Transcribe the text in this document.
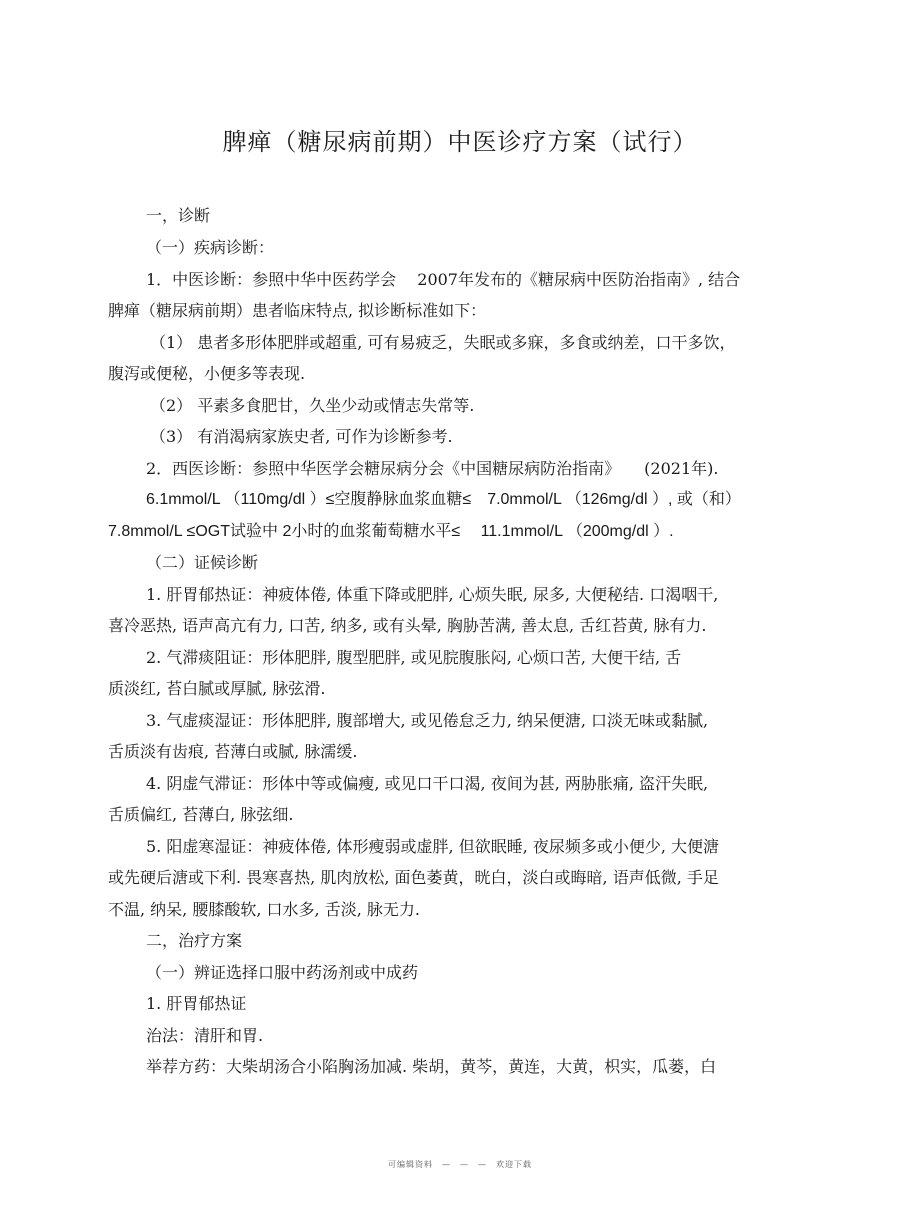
脾瘅（糖尿病前期）中医诊疗方案（试行）
一，诊断
（一）疾病诊断：
1．中医诊断：参照中华中医药学会　 2007年发布的《糖尿病中医防治指南》, 结合
脾瘅（糖尿病前期）患者临床特点, 拟诊断标准如下：
（1） 患者多形体肥胖或超重, 可有易疲乏，失眠或多寐，多食或纳差，口干多饮，
腹泻或便秘，小便多等表现.
（2） 平素多食肥甘，久坐少动或情志失常等.
（3） 有消渴病家族史者, 可作为诊断参考.
2．西医诊断：参照中华医学会糖尿病分会《中国糖尿病防治指南》　　(2021年).
6.1mmol/L （110mg/dl ）≤空腹静脉血浆血糖≤　7.0mmol/L （126mg/dl ）, 或（和）
7.8mmol/L ≤OGT试验中 2小时的血浆葡萄糖水平≤　 11.1mmol/L （200mg/dl ）.
（二）证候诊断
1. 肝胃郁热证：神疲体倦, 体重下降或肥胖, 心烦失眠, 尿多, 大便秘结. 口渴咽干,
喜冷恶热, 语声高亢有力, 口苦, 纳多, 或有头晕, 胸胁苦满, 善太息, 舌红苔黄, 脉有力.
2. 气滞痰阻证：形体肥胖, 腹型肥胖, 或见脘腹胀闷, 心烦口苦, 大便干结, 舌
质淡红, 苔白腻或厚腻, 脉弦滑.
3. 气虚痰湿证：形体肥胖, 腹部增大, 或见倦怠乏力, 纳呆便溏, 口淡无味或黏腻,
舌质淡有齿痕, 苔薄白或腻, 脉濡缓.
4. 阴虚气滞证：形体中等或偏瘦, 或见口干口渴, 夜间为甚, 两胁胀痛, 盗汗失眠,
舌质偏红, 苔薄白, 脉弦细.
5. 阳虚寒湿证：神疲体倦, 体形瘦弱或虚胖, 但欲眠睡, 夜尿频多或小便少, 大便溏
或先硬后溏或下利. 畏寒喜热, 肌肉放松, 面色萎黄，晄白，淡白或晦暗, 语声低微, 手足
不温, 纳呆, 腰膝酸软, 口水多, 舌淡, 脉无力.
二，治疗方案
（一）辨证选择口服中药汤剂或中成药
1. 肝胃郁热证
治法：清肝和胃.
举荐方药：大柴胡汤合小陷胸汤加减. 柴胡，黄芩，黄连，大黄，枳实，瓜蒌，白
可编辑资料　—　—　—　欢迎下载
